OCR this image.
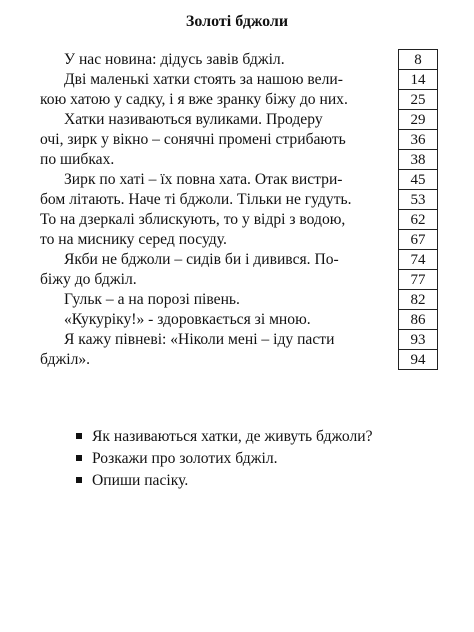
Золоті бджоли
У нас новина: дідусь завів бджіл.
Дві маленькі хатки стоять за нашою вели-
кою хатою у садку, і я вже зранку біжу до них.
Хатки називаються вуликами. Продеру
очі, зирк у вікно – сонячні промені стрибають
по шибках.
Зирк по хаті – їх повна хата. Отак вистри-
бом літають. Наче ті бджоли. Тільки не гудуть.
То на дзеркалі зблискують, то у відрі з водою,
то на миснику серед посуду.
Якби не бджоли – сидів би і дивився. По-
біжу до бджіл.
Гульк – а на порозі півень.
«Кукуріку!» - здоровкається зі мною.
Я кажу півневі: «Ніколи мені – іду пасти
бджіл».
8
14
25
29
36
38
45
53
62
67
74
77
82
86
93
94
Як називаються хатки, де живуть бджоли?
Розкажи про золотих бджіл.
Опиши пасіку.
